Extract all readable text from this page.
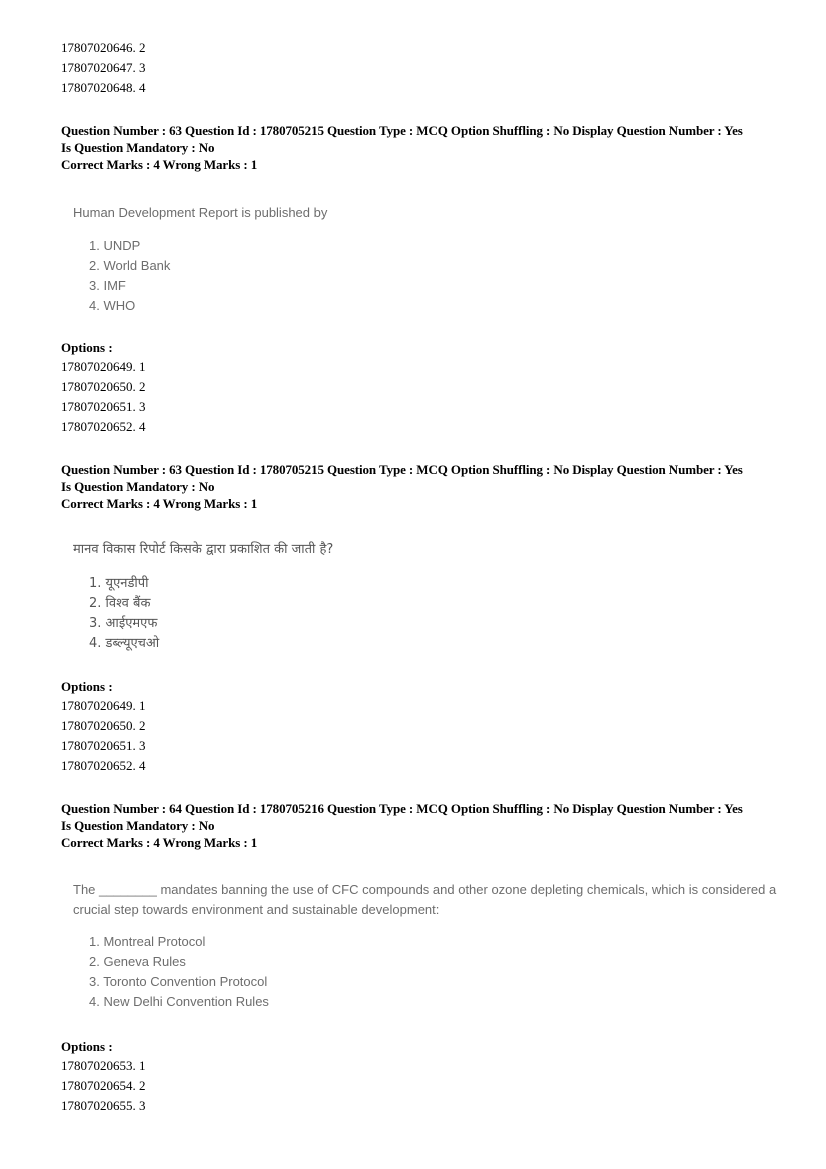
17807020646. 2
17807020647. 3
17807020648. 4
Question Number : 63 Question Id : 1780705215 Question Type : MCQ Option Shuffling : No Display Question Number : Yes
Is Question Mandatory : No
Correct Marks : 4 Wrong Marks : 1
Human Development Report is published by
1. UNDP
2. World Bank
3. IMF
4. WHO
Options :
17807020649. 1
17807020650. 2
17807020651. 3
17807020652. 4
Question Number : 63 Question Id : 1780705215 Question Type : MCQ Option Shuffling : No Display Question Number : Yes
Is Question Mandatory : No
Correct Marks : 4 Wrong Marks : 1
मानव विकास रिपोर्ट किसके द्वारा प्रकाशित की जाती है?
1. यूएनडीपी
2. विश्व बैंक
3. आईएमएफ
4. डब्ल्यूएचओ
Options :
17807020649. 1
17807020650. 2
17807020651. 3
17807020652. 4
Question Number : 64 Question Id : 1780705216 Question Type : MCQ Option Shuffling : No Display Question Number : Yes
Is Question Mandatory : No
Correct Marks : 4 Wrong Marks : 1
The ________ mandates banning the use of CFC compounds and other ozone depleting chemicals, which is considered a crucial step towards environment and sustainable development:
1. Montreal Protocol
2. Geneva Rules
3. Toronto Convention Protocol
4. New Delhi Convention Rules
Options :
17807020653. 1
17807020654. 2
17807020655. 3
